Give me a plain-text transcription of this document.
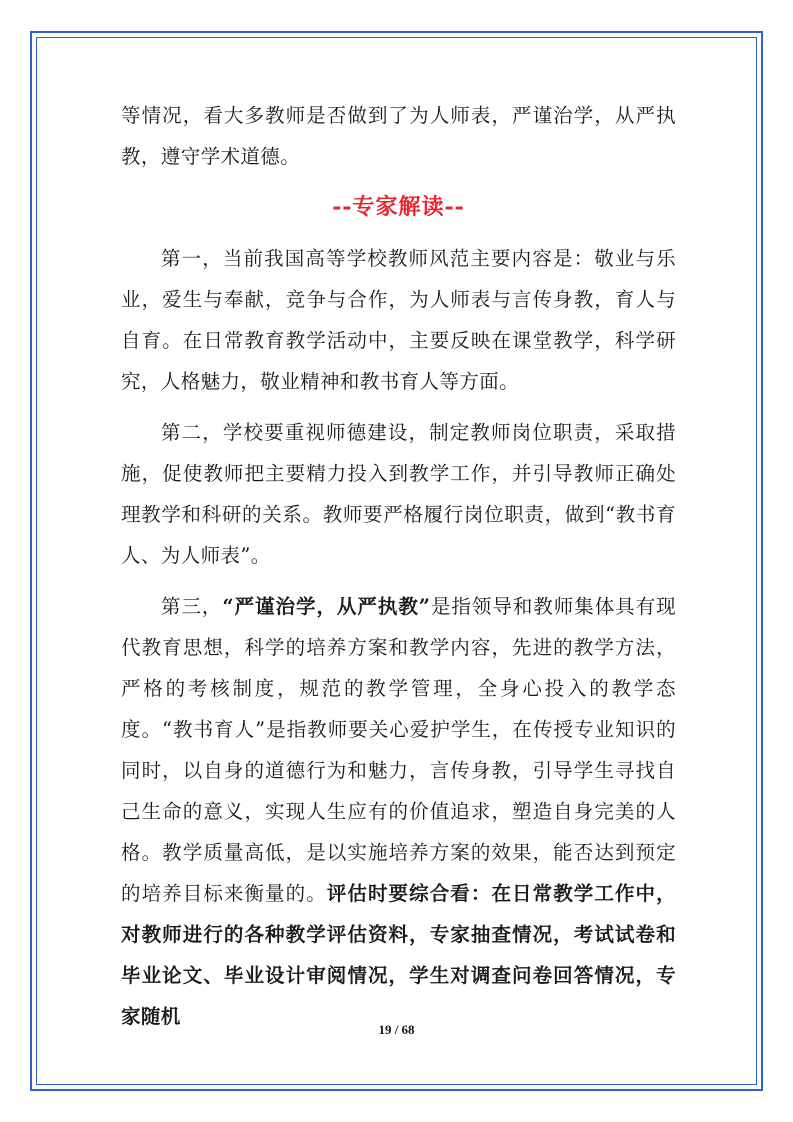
等情况，看大多教师是否做到了为人师表，严谨治学，从严执教，遵守学术道德。

--专家解读--

第一，当前我国高等学校教师风范主要内容是：敬业与乐业，爱生与奉献，竞争与合作，为人师表与言传身教，育人与自育。在日常教育教学活动中，主要反映在课堂教学，科学研究，人格魅力，敬业精神和教书育人等方面。

第二，学校要重视师德建设，制定教师岗位职责，采取措施，促使教师把主要精力投入到教学工作，并引导教师正确处理教学和科研的关系。教师要严格履行岗位职责，做到“教书育人、为人师表”。

第三，“严谨治学，从严执教”是指领导和教师集体具有现代教育思想，科学的培养方案和教学内容，先进的教学方法，严格的考核制度，规范的教学管理，全身心投入的教学态度。“教书育人”是指教师要关心爱护学生，在传授专业知识的同时，以自身的道德行为和魅力，言传身教，引导学生寻找自己生命的意义，实现人生应有的价值追求，塑造自身完美的人格。教学质量高低，是以实施培养方案的效果，能否达到预定的培养目标来衡量的。评估时要综合看：在日常教学工作中，对教师进行的各种教学评估资料，专家抽查情况，考试试卷和毕业论文、毕业设计审阅情况，学生对调查问卷回答情况，专家随机

19 / 68
